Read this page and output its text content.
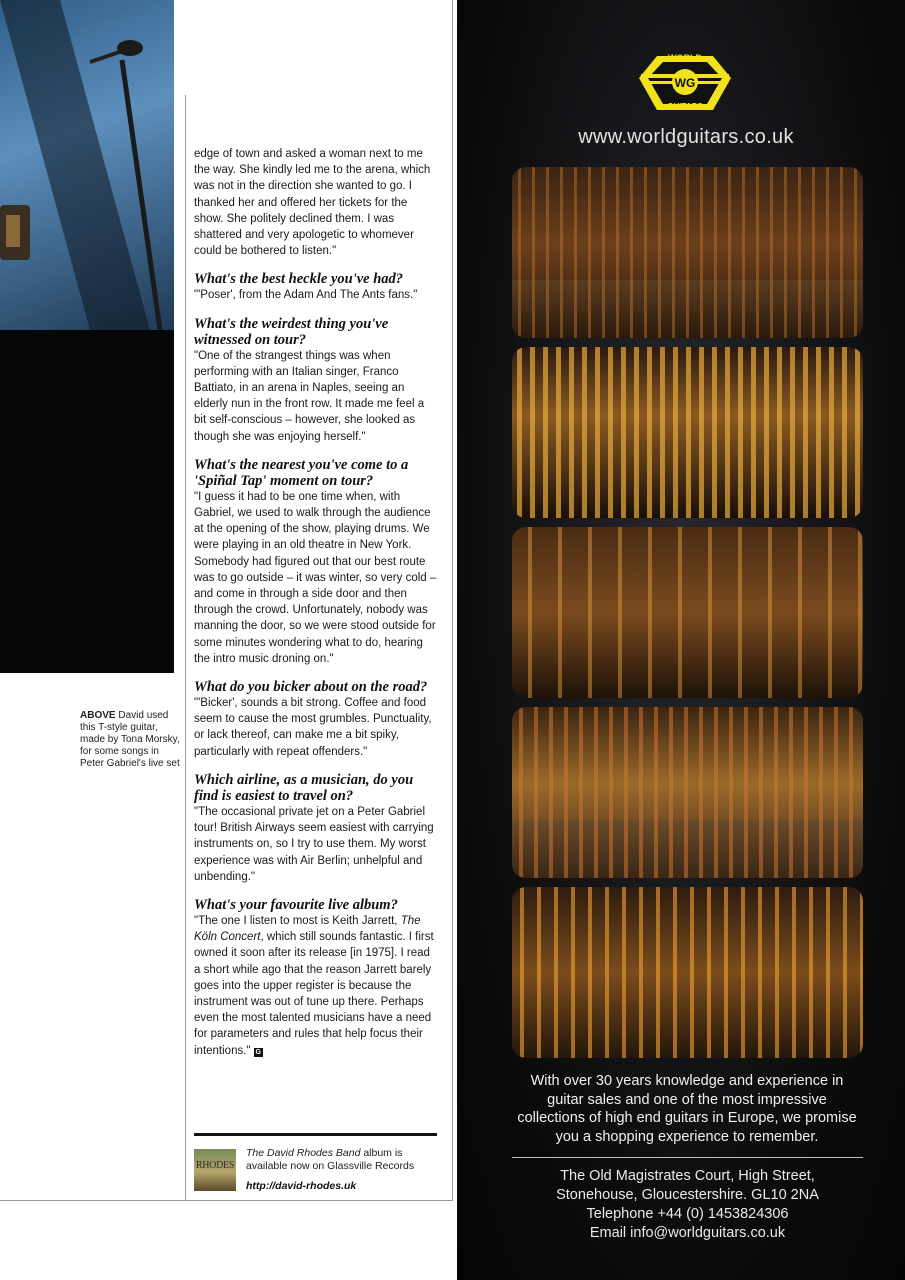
ABOVE David used this T-style guitar, made by Tona Morsky, for some songs in Peter Gabriel's live set

edge of town and asked a woman next to me the way. She kindly led me to the arena, which was not in the direction she wanted to go. I thanked her and offered her tickets for the show. She politely declined them. I was shattered and very apologetic to whomever could be bothered to listen."

What's the best heckle you've had?

"'Poser', from the Adam And The Ants fans."

What's the weirdest thing you've witnessed on tour?

"One of the strangest things was when performing with an Italian singer, Franco Battiato, in an arena in Naples, seeing an elderly nun in the front row. It made me feel a bit self-conscious – however, she looked as though she was enjoying herself."

What's the nearest you've come to a 'Spiñal Tap' moment on tour?

"I guess it had to be one time when, with Gabriel, we used to walk through the audience at the opening of the show, playing drums. We were playing in an old theatre in New York. Somebody had figured out that our best route was to go outside – it was winter, so very cold – and come in through a side door and then through the crowd. Unfortunately, nobody was manning the door, so we were stood outside for some minutes wondering what to do, hearing the intro music droning on."

What do you bicker about on the road?

"'Bicker', sounds a bit strong. Coffee and food seem to cause the most grumbles. Punctuality, or lack thereof, can make me a bit spiky, particularly with repeat offenders."

Which airline, as a musician, do you find is easiest to travel on?

"The occasional private jet on a Peter Gabriel tour! British Airways seem easiest with carrying instruments on, so I try to use them. My worst experience was with Air Berlin; unhelpful and unbending."

What's your favourite live album?

"The one I listen to most is Keith Jarrett, The Köln Concert, which still sounds fantastic. I first owned it soon after its release [in 1975]. I read a short while ago that the reason Jarrett barely goes into the upper register is because the instrument was out of tune up there. Perhaps even the most talented musicians have a need for parameters and rules that help focus their intentions." G

RHODES
The David Rhodes Band album is available now on Glassville Records
http://david-rhodes.uk
WG
WORLD
GUITARS
www.worldguitars.co.uk
With over 30 years knowledge and experience in guitar sales and one of the most impressive collections of high end guitars in Europe, we promise you a shopping experience to remember.
The Old Magistrates Court, High Street,
Stonehouse, Gloucestershire. GL10 2NA
Telephone +44 (0) 1453824306
Email info@worldguitars.co.uk
